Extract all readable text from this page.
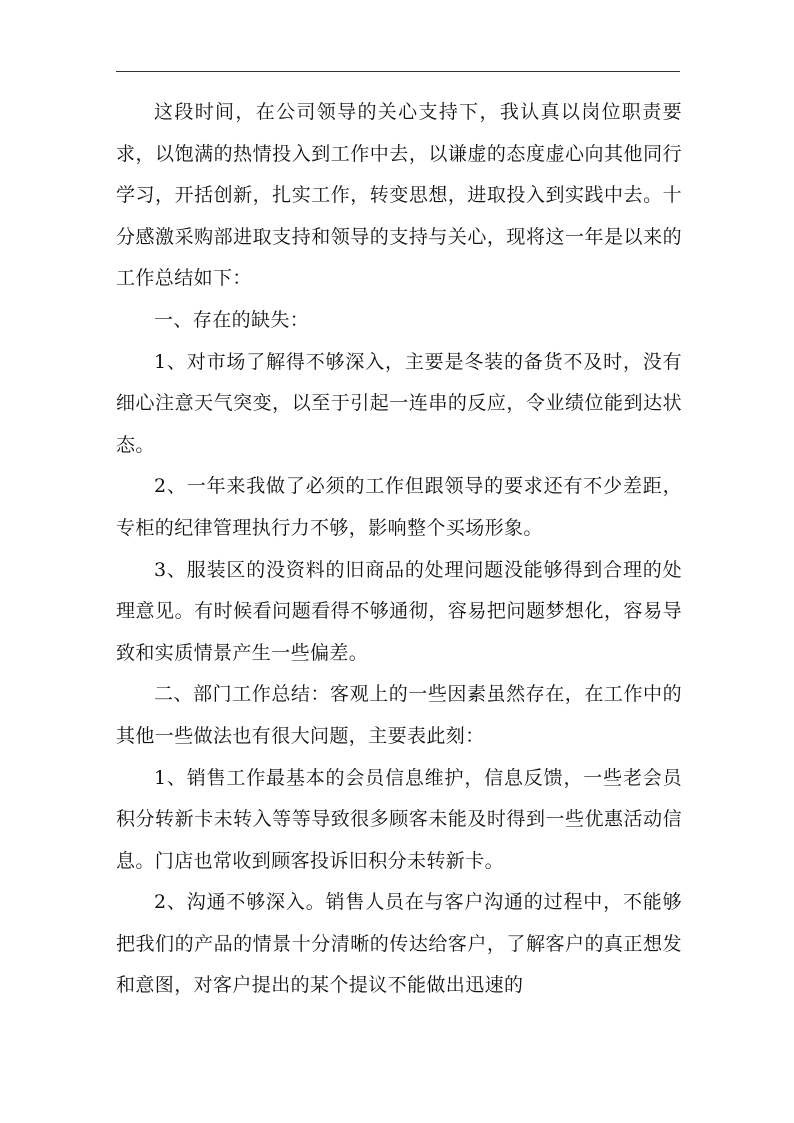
这段时间，在公司领导的关心支持下，我认真以岗位职责要求，以饱满的热情投入到工作中去，以谦虚的态度虚心向其他同行学习，开括创新，扎实工作，转变思想，进取投入到实践中去。十分感激采购部进取支持和领导的支持与关心，现将这一年是以来的工作总结如下：

一、存在的缺失：

1、对市场了解得不够深入，主要是冬装的备货不及时，没有细心注意天气突变，以至于引起一连串的反应，令业绩位能到达状态。

2、一年来我做了必须的工作但跟领导的要求还有不少差距，专柜的纪律管理执行力不够，影响整个买场形象。

3、服装区的没资料的旧商品的处理问题没能够得到合理的处理意见。有时候看问题看得不够通彻，容易把问题梦想化，容易导致和实质情景产生一些偏差。

二、部门工作总结：客观上的一些因素虽然存在，在工作中的其他一些做法也有很大问题，主要表此刻：

1、销售工作最基本的会员信息维护，信息反馈，一些老会员积分转新卡未转入等等导致很多顾客未能及时得到一些优惠活动信息。门店也常收到顾客投诉旧积分未转新卡。

2、沟通不够深入。销售人员在与客户沟通的过程中，不能够把我们的产品的情景十分清晰的传达给客户，了解客户的真正想发和意图，对客户提出的某个提议不能做出迅速的
